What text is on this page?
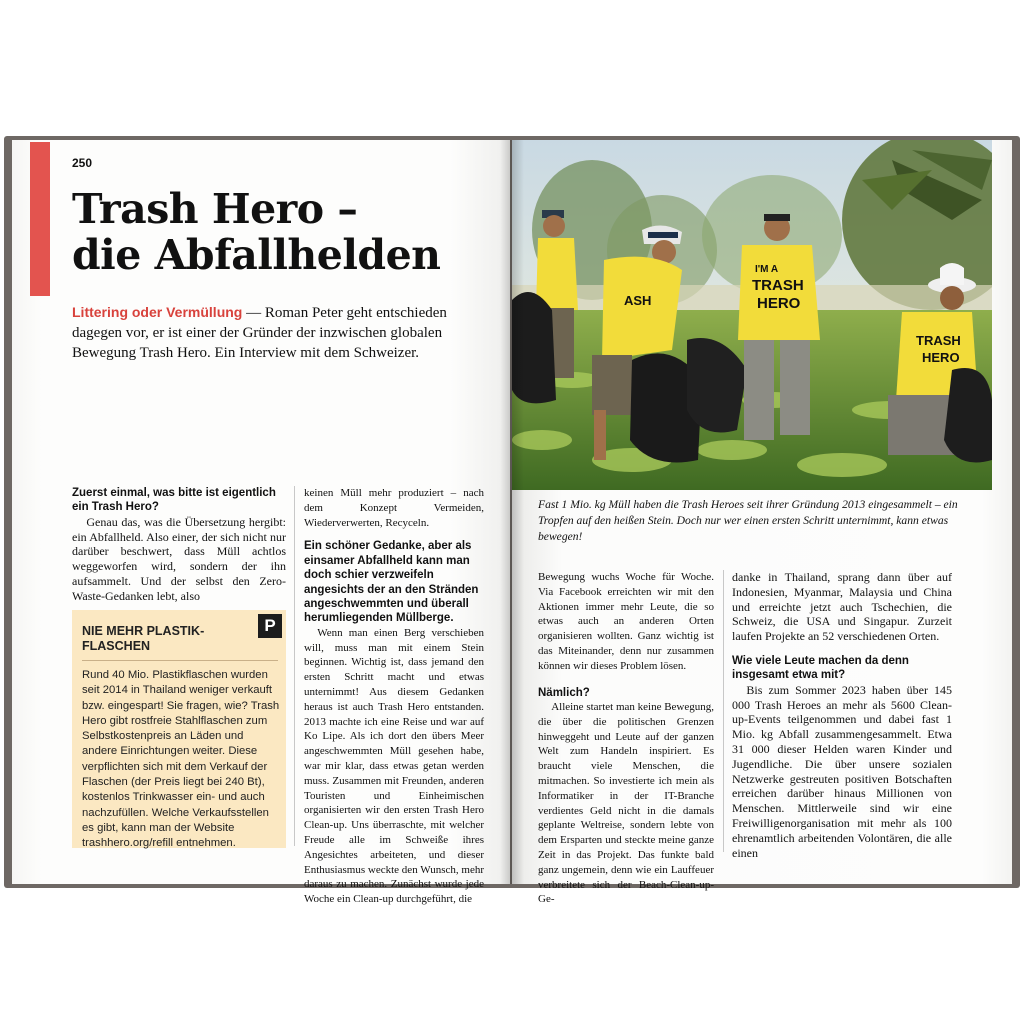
250
Trash Hero –
die Abfallhelden

Littering oder Vermüllung — Roman Peter geht entschieden dagegen vor, er ist einer der Gründer der inzwischen globalen Bewegung Trash Hero. Ein Interview mit dem Schweizer.

Zuerst einmal, was bitte ist eigentlich ein Trash Hero?

Genau das, was die Übersetzung hergibt: ein Abfallheld. Also einer, der sich nicht nur darüber beschwert, dass Müll achtlos weggeworfen wird, sondern der ihn aufsammelt. Und der selbst den Zero-Waste-Gedanken lebt, also

P
NIE MEHR PLASTIKFLASCHEN
Rund 40 Mio. Plastikflaschen wurden seit 2014 in Thailand weniger verkauft bzw. eingespart! Sie fragen, wie? Trash Hero gibt rostfreie Stahlflaschen zum Selbstkostenpreis an Läden und andere Einrichtungen weiter. Diese verpflichten sich mit dem Verkauf der Flaschen (der Preis liegt bei 240 Bt), kostenlos Trinkwasser ein- und auch nachzufüllen. Welche Verkaufsstellen es gibt, kann man der Website trashhero.org/refill entnehmen.

keinen Müll mehr produziert – nach dem Konzept Vermeiden, Wiederverwerten, Recyceln.

Ein schöner Gedanke, aber als einsamer Abfallheld kann man doch schier verzweifeln angesichts der an den Stränden angeschwemmten und überall herumliegenden Müllberge.

Wenn man einen Berg verschieben will, muss man mit einem Stein beginnen. Wichtig ist, dass jemand den ersten Schritt macht und etwas unternimmt! Aus diesem Gedanken heraus ist auch Trash Hero entstanden. 2013 machte ich eine Reise und war auf Ko Lipe. Als ich dort den übers Meer angeschwemmten Müll gesehen habe, war mir klar, dass etwas getan werden muss. Zusammen mit Freunden, anderen Touristen und Einheimischen organisierten wir den ersten Trash Hero Clean-up. Uns überraschte, mit welcher Freude alle im Schweiße ihres Angesichtes arbeiteten, und dieser Enthusiasmus weckte den Wunsch, mehr daraus zu machen. Zunächst wurde jede Woche ein Clean-up durchgeführt, die

ASH
I'M A
TRASH
HERO
TRASH
HERO

Fast 1 Mio. kg Müll haben die Trash Heroes seit ihrer Gründung 2013 eingesammelt – ein Tropfen auf den heißen Stein. Doch nur wer einen ersten Schritt unternimmt, kann etwas bewegen!

Bewegung wuchs Woche für Woche. Via Facebook erreichten wir mit den Aktionen immer mehr Leute, die so etwas auch an anderen Orten organisieren wollten. Ganz wichtig ist das Miteinander, denn nur zusammen können wir dieses Problem lösen.

Nämlich?

Alleine startet man keine Bewegung, die über die politischen Grenzen hinweggeht und Leute auf der ganzen Welt zum Handeln inspiriert. Es braucht viele Menschen, die mitmachen. So investierte ich mein als Informatiker in der IT-Branche verdientes Geld nicht in die damals geplante Weltreise, sondern lebte von dem Ersparten und steckte meine ganze Zeit in das Projekt. Das funkte bald ganz ungemein, denn wie ein Lauffeuer verbreitete sich der Beach-Clean-up-Ge-

danke in Thailand, sprang dann über auf Indonesien, Myanmar, Malaysia und China und erreichte jetzt auch Tschechien, die Schweiz, die USA und Singapur. Zurzeit laufen Projekte an 52 verschiedenen Orten.

Wie viele Leute machen da denn insgesamt etwa mit?

Bis zum Sommer 2023 haben über 145 000 Trash Heroes an mehr als 5600 Clean-up-Events teilgenommen und dabei fast 1 Mio. kg Abfall zusammengesammelt. Etwa 31 000 dieser Helden waren Kinder und Jugendliche. Die über unsere sozialen Netzwerke gestreuten positiven Botschaften erreichen darüber hinaus Millionen von Menschen. Mittlerweile sind wir eine Freiwilligenorganisation mit mehr als 100 ehrenamtlich arbeitenden Volontären, die alle einen
